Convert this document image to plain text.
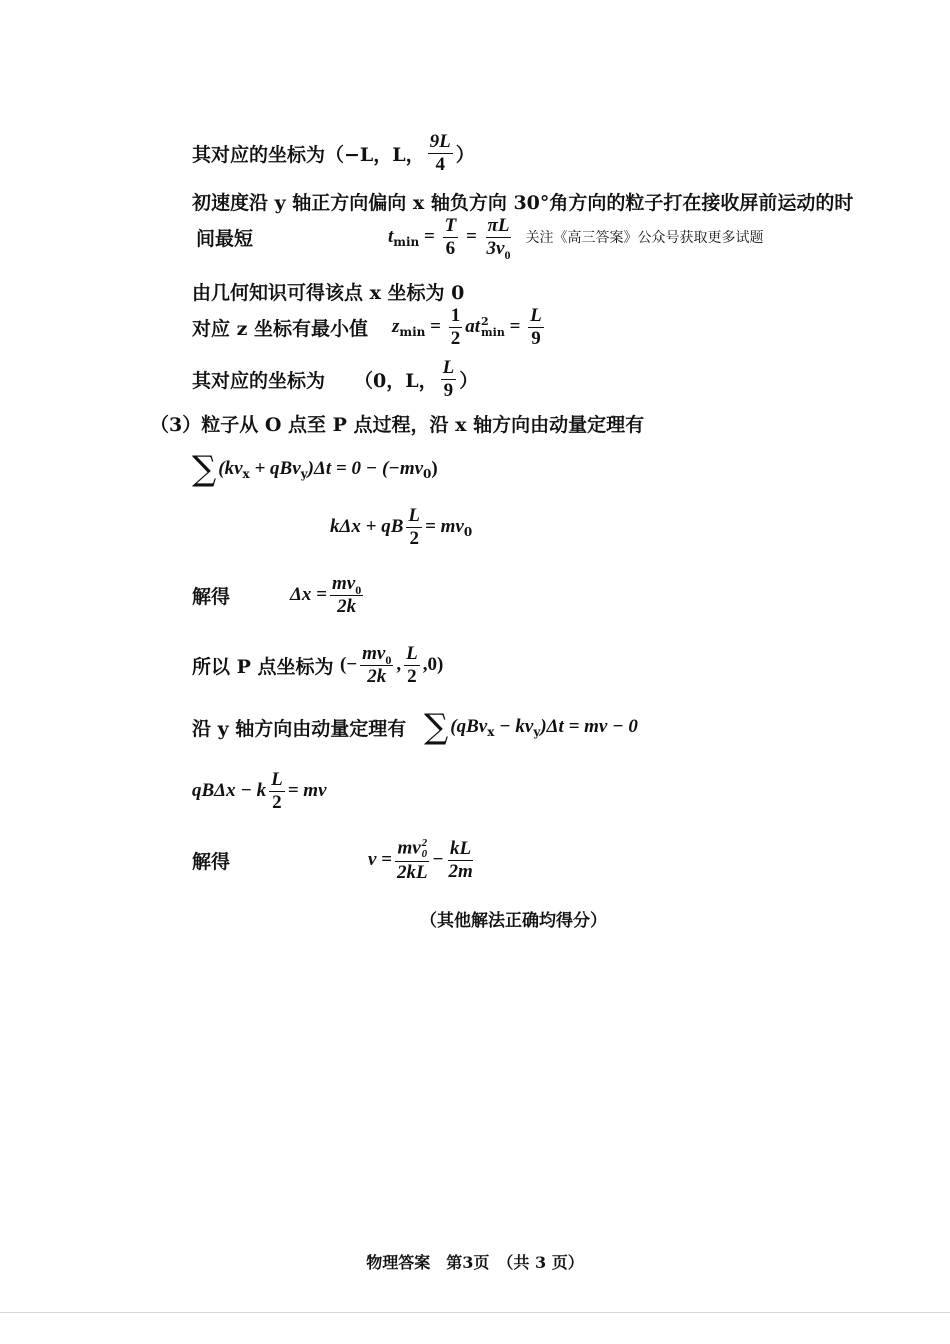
其对应的坐标为（−L，L， $\frac{9L}{4}$ ）
初速度沿 y 轴正方向偏向 x 轴负方向 30°角方向的粒子打在接收屏前运动的时
间最短	t $\min = \frac{T}{6} = \frac{\pi L}{3v_0}$ 关注《高三答案》公众号获取更多试题
由几何知识可得该点 x 坐标为 0
对应 z 坐标有最小值	z $\min = \frac{1}{2}$ at 2
$\min = \frac{L}{9}$
其对应的坐标为	（0，L， $\frac{L}{9}$ ）
（3）粒子从 O 点至 P 点过程，沿 x 轴方向由动量定理有
∑ (kv x + qBv y )Δt = 0 − (−mv 0 )
kΔx + qB $\frac{L}{2}$ = mv 0
解得	$\Delta x = \frac{mv_0}{2k}$
所以 P 点坐标为 (− $\frac{mv_0}{2k}$ , $\frac{L}{2} ,0$)
沿 y 轴方向由动量定理有 ∑ (qBv x − kv y )Δt = mv − 0
qBΔx − k $\frac{L}{2}$ = mv
解得	v = mv 2
0
$2kL - \frac{kL}{2m}$
（其他解法正确均得分）
物理答案　第3页　（共 3 页）
